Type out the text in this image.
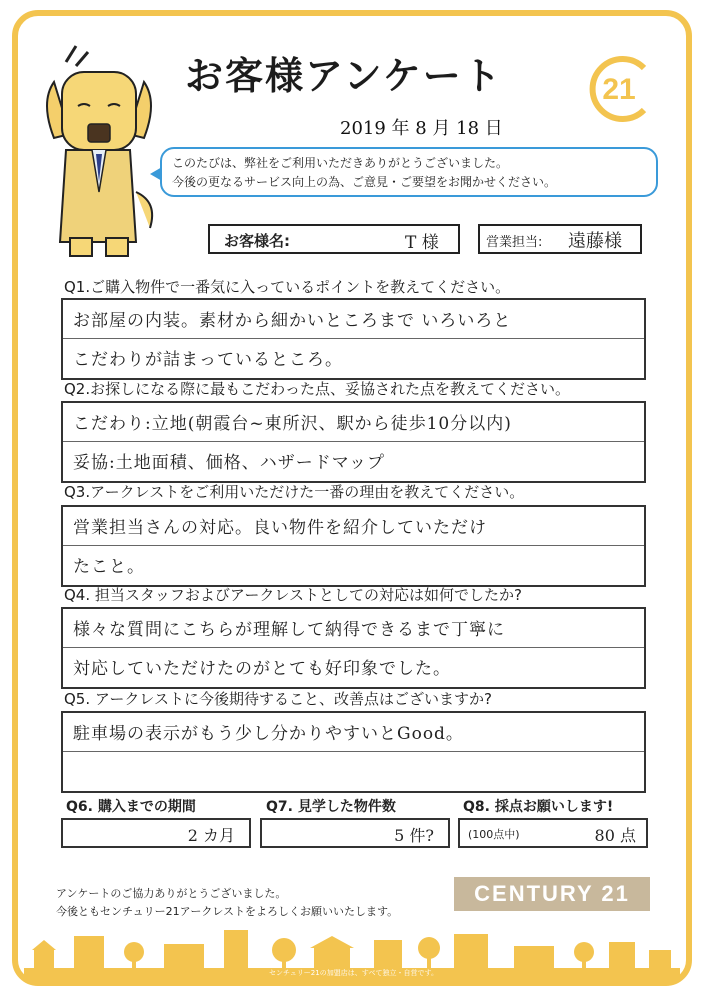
お客様アンケート
2019 年 8 月 18 日
21
このたびは、弊社をご利用いただきありがとうございました。
今後の更なるサービス向上の為、ご意見・ご要望をお聞かせください。
お客様名:	T 様	営業担当: 遠藤様
Q1.ご購入物件で一番気に入っているポイントを教えてください。
お部屋の内装。素材から細かいところまで いろいろと
こだわりが詰まっているところ。
Q2.お探しになる際に最もこだわった点、妥協された点を教えてください。
こだわり:立地(朝霞台~東所沢、駅から徒歩10分以内)
妥協:土地面積、価格、ハザードマップ
Q3.アークレストをご利用いただけた一番の理由を教えてください。
営業担当さんの対応。良い物件を紹介していただけ
たこと。
Q4. 担当スタッフおよびアークレストとしての対応は如何でしたか?
様々な質問にこちらが理解して納得できるまで丁寧に
対応していただけたのがとても好印象でした。
Q5. アークレストに今後期待すること、改善点はございますか?
駐車場の表示がもう少し分かりやすいとGood。
Q6. 購入までの期間
2 カ月
Q7. 見学した物件数
5 件?
Q8. 採点お願いします!
(100点中)	80 点
アンケートのご協力ありがとうございました。
今後ともセンチュリー21アークレストをよろしくお願いいたします。
CENTURY 21
センチュリー21の加盟店は、すべて独立・自営です。
